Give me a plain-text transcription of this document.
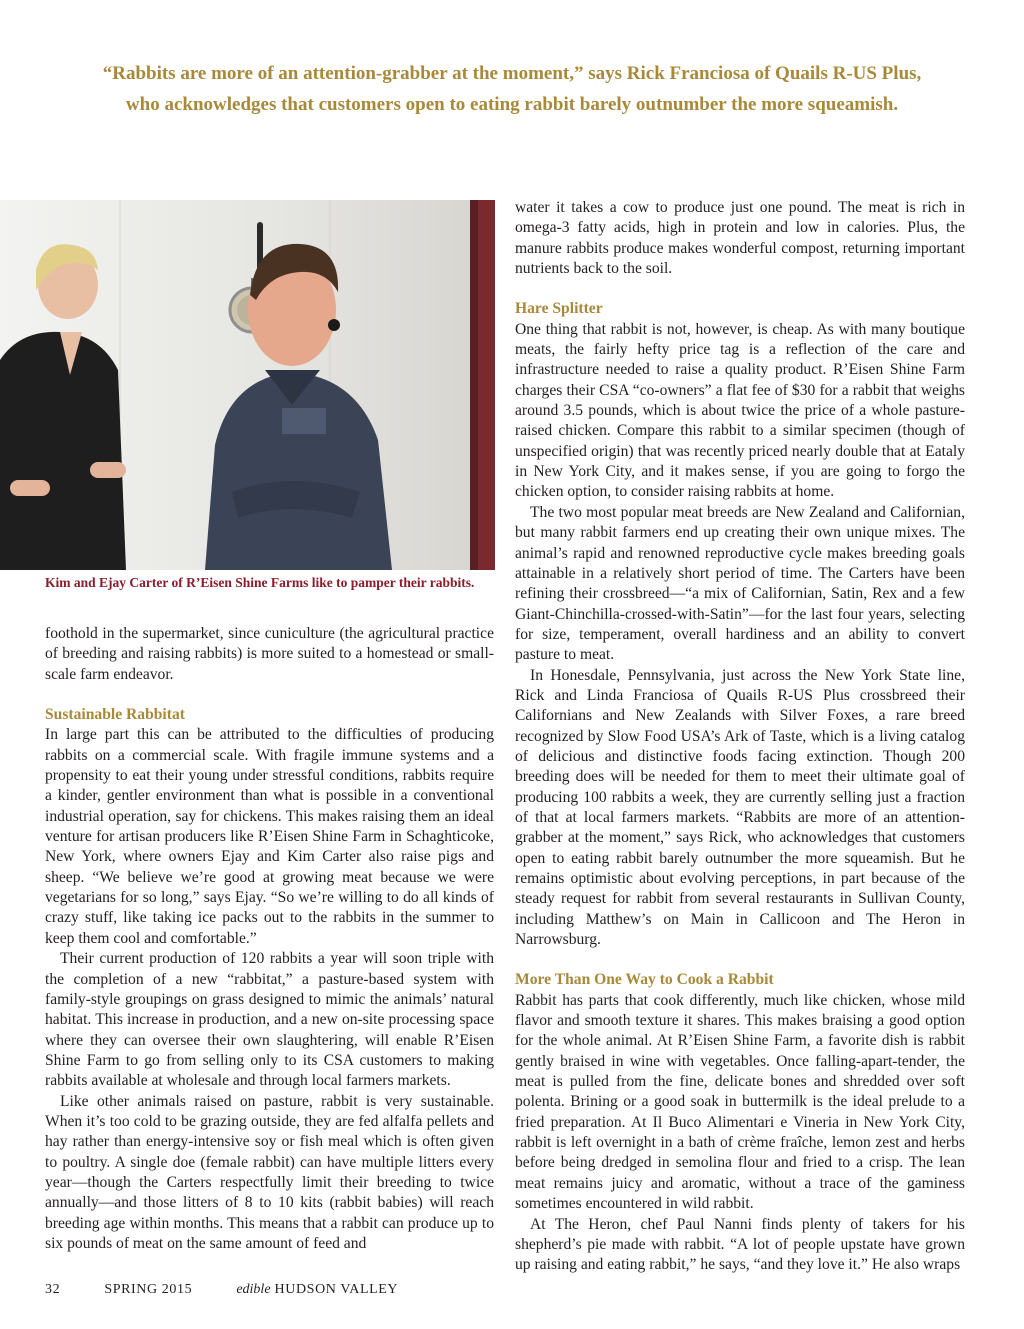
“Rabbits are more of an attention-grabber at the moment,” says Rick Franciosa of Quails R-US Plus,
who acknowledges that customers open to eating rabbit barely outnumber the more squeamish.
Kim and Ejay Carter of R’Eisen Shine Farms like to pamper their rabbits.

foothold in the supermarket, since cuniculture (the agricultural practice of breeding and raising rabbits) is more suited to a homestead or small-scale farm endeavor.

Sustainable Rabbitat

In large part this can be attributed to the difficulties of producing rabbits on a commercial scale. With fragile immune systems and a propensity to eat their young under stressful conditions, rabbits require a kinder, gentler environment than what is possible in a conventional industrial operation, say for chickens. This makes raising them an ideal venture for artisan producers like R’Eisen Shine Farm in Schaghticoke, New York, where owners Ejay and Kim Carter also raise pigs and sheep. “We believe we’re good at growing meat because we were vegetarians for so long,” says Ejay. “So we’re willing to do all kinds of crazy stuff, like taking ice packs out to the rabbits in the summer to keep them cool and comfortable.”

Their current production of 120 rabbits a year will soon triple with the completion of a new “rabbitat,” a pasture-based system with family-style groupings on grass designed to mimic the animals’ natural habitat. This increase in production, and a new on-site processing space where they can oversee their own slaughtering, will enable R’Eisen Shine Farm to go from selling only to its CSA customers to making rabbits available at wholesale and through local farmers markets.

Like other animals raised on pasture, rabbit is very sustainable. When it’s too cold to be grazing outside, they are fed alfalfa pellets and hay rather than energy-intensive soy or fish meal which is often given to poultry. A single doe (female rabbit) can have multiple litters every year—though the Carters respectfully limit their breeding to twice annually—and those litters of 8 to 10 kits (rabbit babies) will reach breeding age within months. This means that a rabbit can produce up to six pounds of meat on the same amount of feed and

water it takes a cow to produce just one pound. The meat is rich in omega-3 fatty acids, high in protein and low in calories. Plus, the manure rabbits produce makes wonderful compost, returning important nutrients back to the soil.

Hare Splitter

One thing that rabbit is not, however, is cheap. As with many boutique meats, the fairly hefty price tag is a reflection of the care and infrastructure needed to raise a quality product. R’Eisen Shine Farm charges their CSA “co-owners” a flat fee of $30 for a rabbit that weighs around 3.5 pounds, which is about twice the price of a whole pasture-raised chicken. Compare this rabbit to a similar specimen (though of unspecified origin) that was recently priced nearly double that at Eataly in New York City, and it makes sense, if you are going to forgo the chicken option, to consider raising rabbits at home.

The two most popular meat breeds are New Zealand and Californian, but many rabbit farmers end up creating their own unique mixes. The animal’s rapid and renowned reproductive cycle makes breeding goals attainable in a relatively short period of time. The Carters have been refining their crossbreed—“a mix of Californian, Satin, Rex and a few Giant-Chinchilla-crossed-with-Satin”—for the last four years, selecting for size, temperament, overall hardiness and an ability to convert pasture to meat.

In Honesdale, Pennsylvania, just across the New York State line, Rick and Linda Franciosa of Quails R-US Plus crossbreed their Californians and New Zealands with Silver Foxes, a rare breed recognized by Slow Food USA’s Ark of Taste, which is a living catalog of delicious and distinctive foods facing extinction. Though 200 breeding does will be needed for them to meet their ultimate goal of producing 100 rabbits a week, they are currently selling just a fraction of that at local farmers markets. “Rabbits are more of an attention-grabber at the moment,” says Rick, who acknowledges that customers open to eating rabbit barely outnumber the more squeamish. But he remains optimistic about evolving perceptions, in part because of the steady request for rabbit from several restaurants in Sullivan County, including Matthew’s on Main in Callicoon and The Heron in Narrowsburg.

More Than One Way to Cook a Rabbit

Rabbit has parts that cook differently, much like chicken, whose mild flavor and smooth texture it shares. This makes braising a good option for the whole animal. At R’Eisen Shine Farm, a favorite dish is rabbit gently braised in wine with vegetables. Once falling-apart-tender, the meat is pulled from the fine, delicate bones and shredded over soft polenta. Brining or a good soak in buttermilk is the ideal prelude to a fried preparation. At Il Buco Alimentari e Vineria in New York City, rabbit is left overnight in a bath of crème fraîche, lemon zest and herbs before being dredged in semolina flour and fried to a crisp. The lean meat remains juicy and aromatic, without a trace of the gaminess sometimes encountered in wild rabbit.

At The Heron, chef Paul Nanni finds plenty of takers for his shepherd’s pie made with rabbit. “A lot of people upstate have grown up raising and eating rabbit,” he says, “and they love it.” He also wraps

32	SPRING 2015	edible HUDSON VALLEY
